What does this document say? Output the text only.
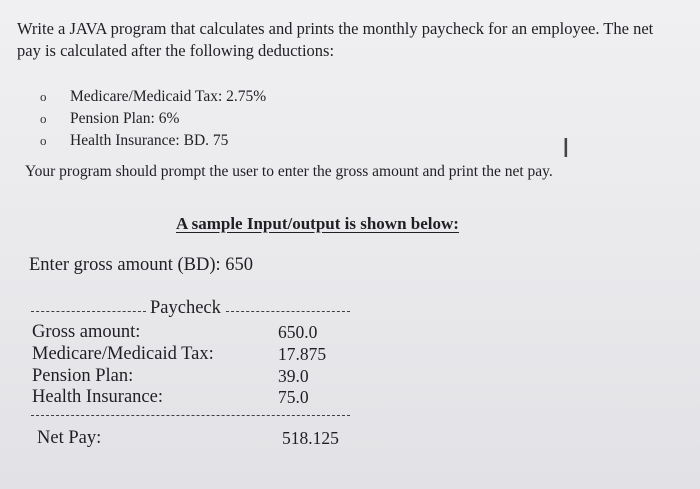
Write a JAVA program that calculates and prints the monthly paycheck for an employee. The net pay is calculated after the following deductions:
o	Medicare/Medicaid Tax: 2.75%
o	Pension Plan: 6%
o	Health Insurance: BD. 75	I
Your program should prompt the user to enter the gross amount and print the net pay.
A sample Input/output is shown below:
Enter gross amount (BD): 650
Paycheck
Gross amount:	650.0
Medicare/Medicaid Tax:	17.875
Pension Plan:	39.0
Health Insurance:	75.0
Net Pay:	518.125
